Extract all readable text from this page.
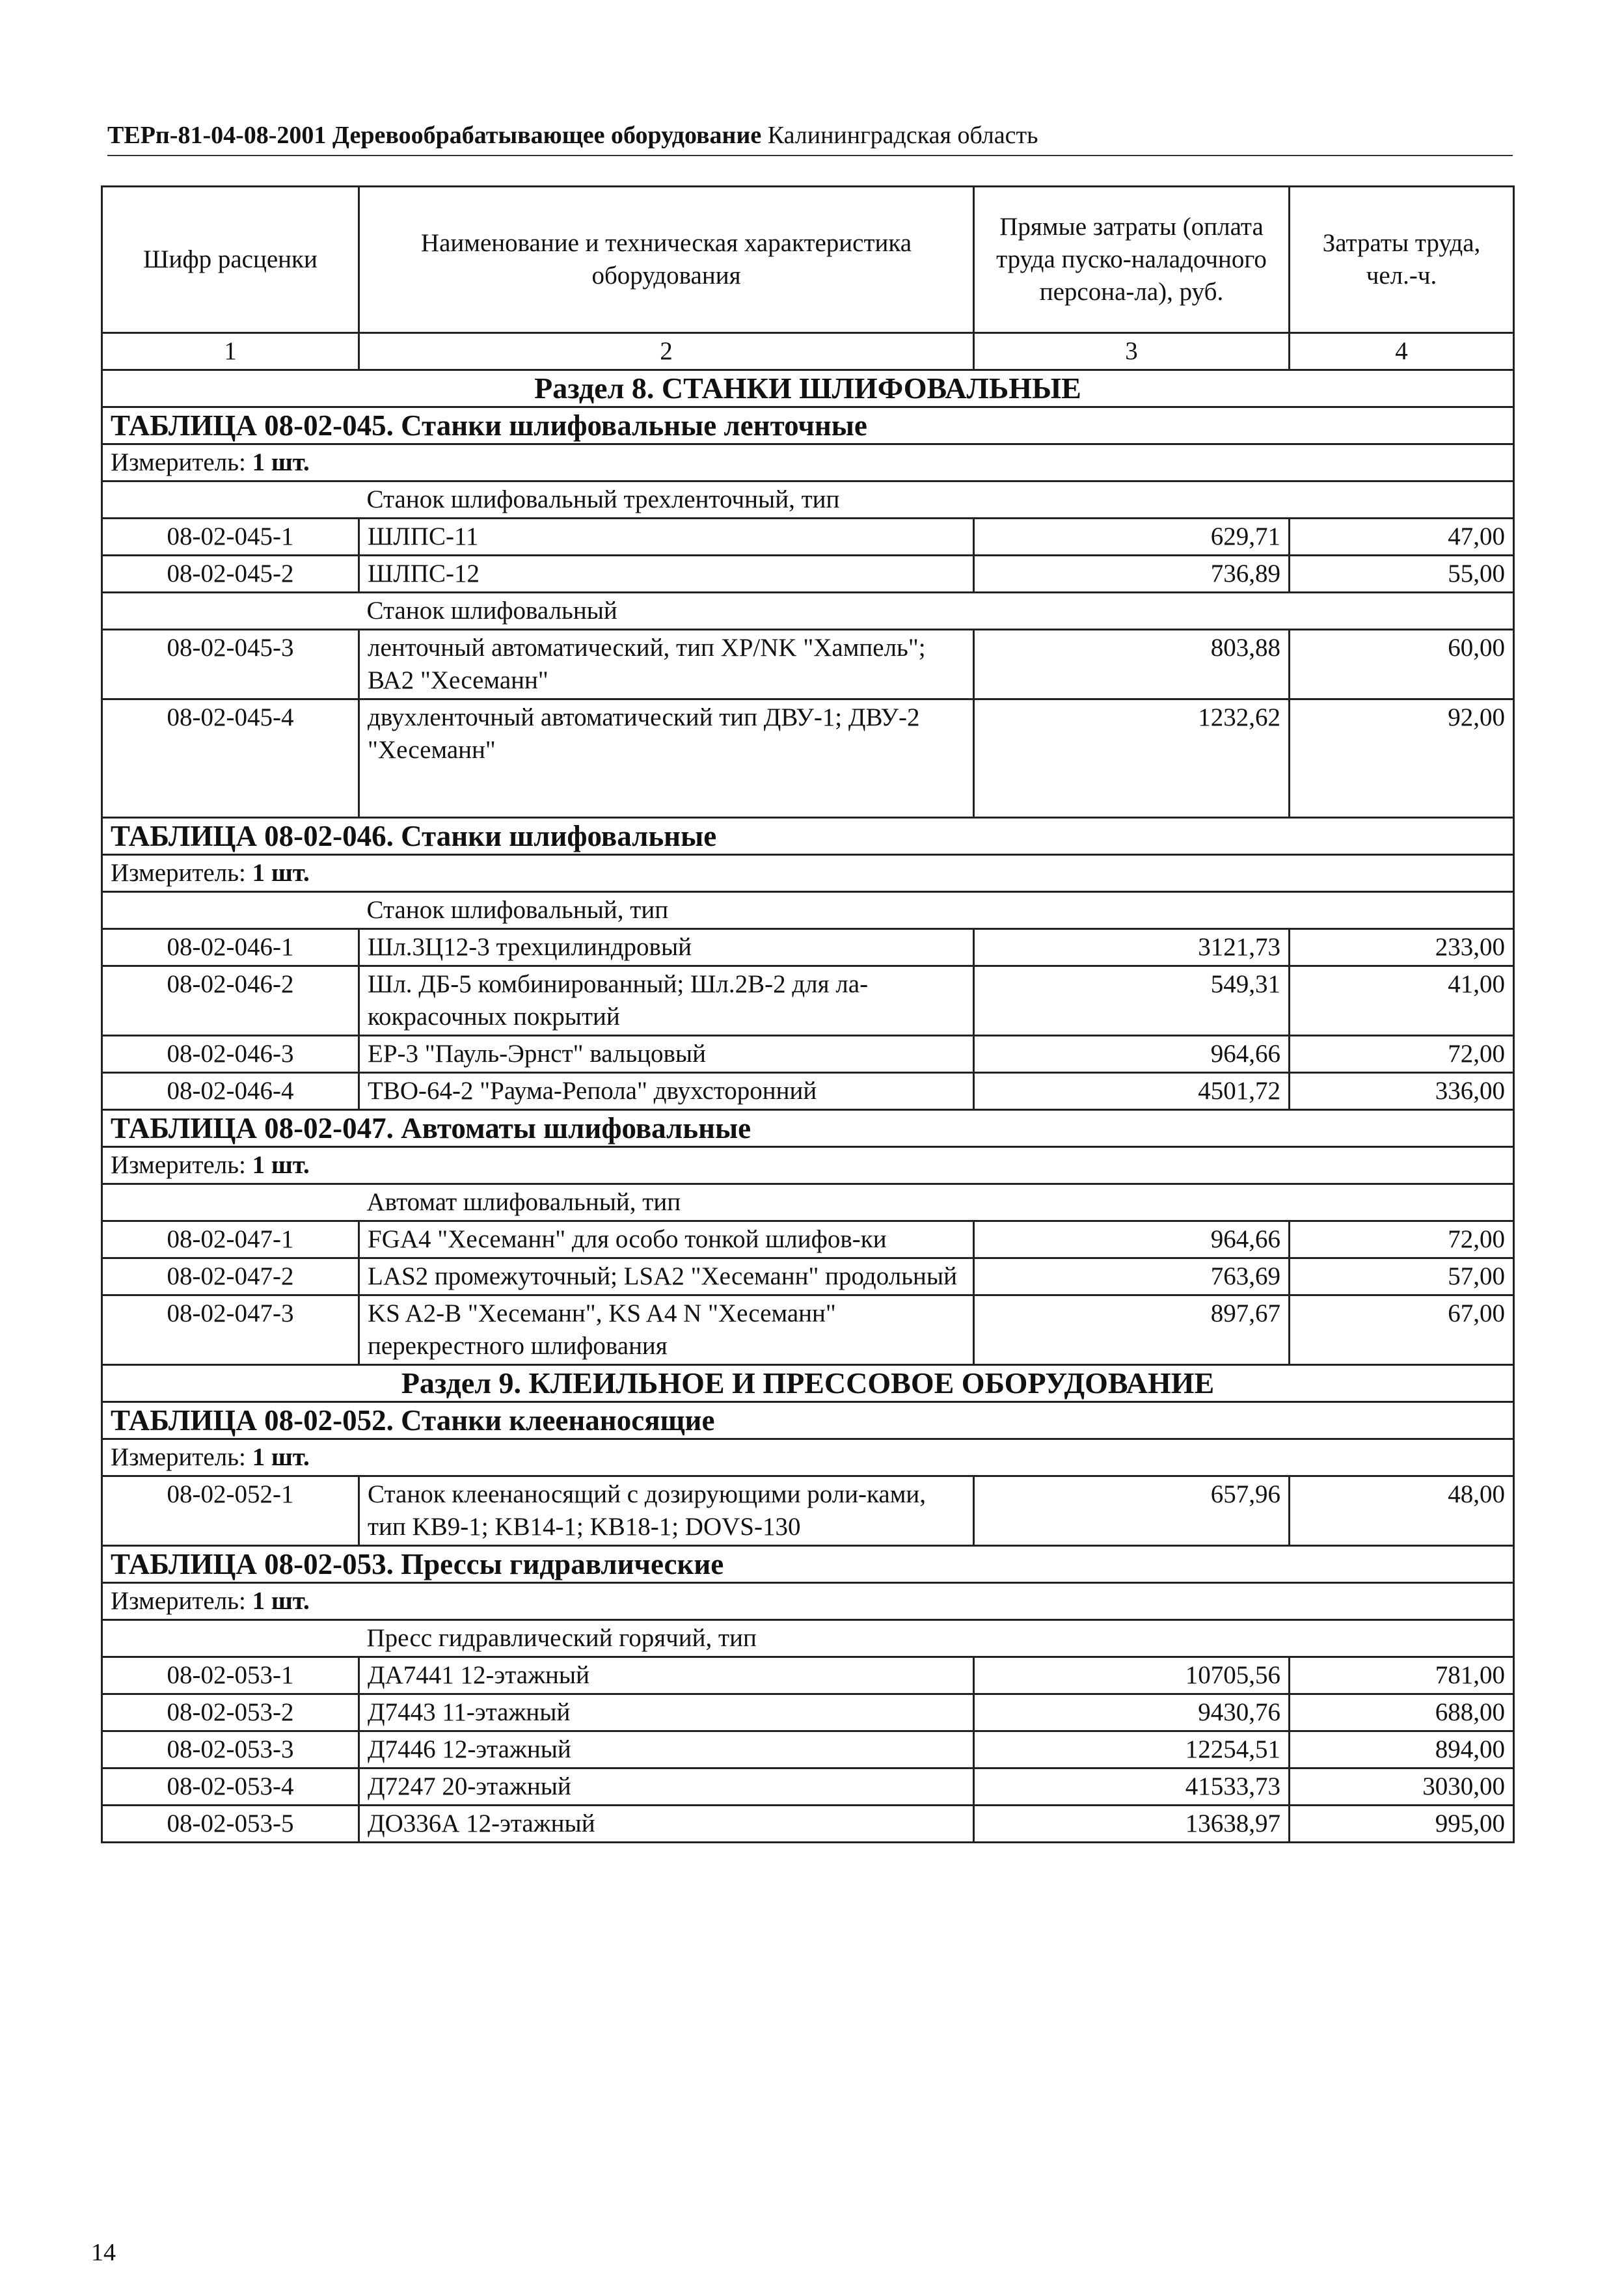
ТЕРп-81-04-08-2001 Деревообрабатывающее оборудование Калининградская область
Шифр расценки	Наименование и техническая характеристика оборудования	Прямые затраты (оплата труда пуско-наладочного персона-ла), руб.	Затраты труда, чел.-ч.
1	2	3	4
Раздел 8. СТАНКИ ШЛИФОВАЛЬНЫЕ			
ТАБЛИЦА 08-02-045. Станки шлифовальные ленточные			
Измеритель: 1 шт.			
	Станок шлифовальный трехленточный, тип		
08-02-045-1	ШЛПС-11	629,71	47,00
08-02-045-2	ШЛПС-12	736,89	55,00
	Станок шлифовальный		
08-02-045-3	ленточный автоматический, тип XP/NK "Хампель"; ВА2 "Хесеманн"	803,88	60,00
08-02-045-4	двухленточный автоматический тип ДВУ-1; ДВУ-2 "Хесеманн"	1232,62	92,00
ТАБЛИЦА 08-02-046. Станки шлифовальные			
Измеритель: 1 шт.			
	Станок шлифовальный, тип		
08-02-046-1	Шл.3Ц12-3 трехцилиндровый	3121,73	233,00
08-02-046-2	Шл. ДБ-5 комбинированный; Шл.2В-2 для ла-кокрасочных покрытий	549,31	41,00
08-02-046-3	ЕР-3 "Пауль-Эрнст" вальцовый	964,66	72,00
08-02-046-4	ТВО-64-2 "Раума-Репола" двухсторонний	4501,72	336,00
ТАБЛИЦА 08-02-047. Автоматы шлифовальные			
Измеритель: 1 шт.			
	Автомат шлифовальный, тип		
08-02-047-1	FGA4 "Хесеманн" для особо тонкой шлифов-ки	964,66	72,00
08-02-047-2	LAS2 промежуточный; LSA2 "Хесеманн" продольный	763,69	57,00
08-02-047-3	KS A2-B "Хесеманн", KS A4 N "Хесеманн" перекрестного шлифования	897,67	67,00
Раздел 9. КЛЕИЛЬНОЕ И ПРЕССОВОЕ ОБОРУДОВАНИЕ			
ТАБЛИЦА 08-02-052. Станки клеенаносящие			
Измеритель: 1 шт.			
08-02-052-1	Станок клеенаносящий с дозирующими роли-ками, тип KB9-1; KB14-1; KB18-1; DOVS-130	657,96	48,00
ТАБЛИЦА 08-02-053. Прессы гидравлические			
Измеритель: 1 шт.			
	Пресс гидравлический горячий, тип		
08-02-053-1	ДА7441 12-этажный	10705,56	781,00
08-02-053-2	Д7443 11-этажный	9430,76	688,00
08-02-053-3	Д7446 12-этажный	12254,51	894,00
08-02-053-4	Д7247 20-этажный	41533,73	3030,00
08-02-053-5	ДО336А 12-этажный	13638,97	995,00
14
